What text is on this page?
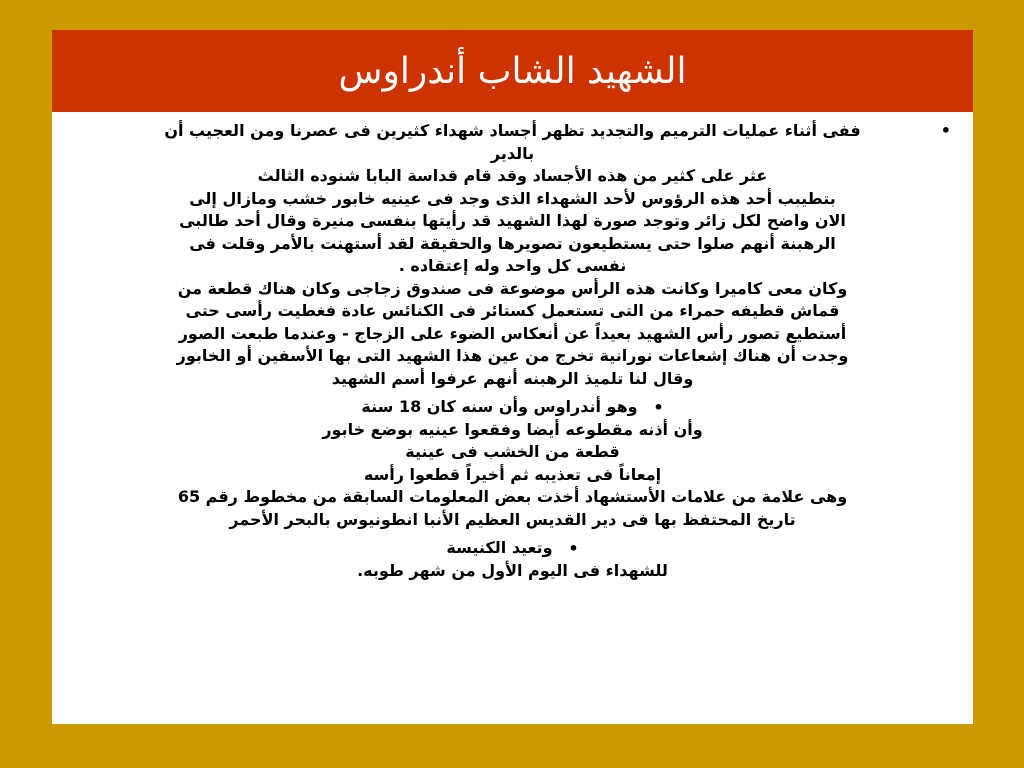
الشهيد الشاب أندراوس
•
ففى أثناء عمليات الترميم والتجديد تظهر أجساد شهداء كثيرين فى عصرنا ومن العجيب أن
بالدير
عثر على كثير من هذه الأجساد وقد قام قداسة البابا شنوده الثالث
بتطيبب أحد هذه الرؤوس لأحد الشهداء الذى وجد فى عينيه خابور خشب ومازال إلى
الان واضح لكل زائر وتوجد صورة لهذا الشهيد قد رأيتها بنفسى منيرة وقال أحد طالبى
الرهبنة أنهم صلوا حتى يستطيعون تصويرها والحقيقة لقد أستهنت بالأمر وقلت فى
نفسى كل واحد وله إعتقاده .
وكان معى كاميرا وكانت هذه الرأس موضوعة فى صندوق زجاجى وكان هناك قطعة من
قماش قطيفه حمراء من التى تستعمل كستائر فى الكنائس عادة فغطيت رأسى حتى
أستطيع تصور رأس الشهيد بعيداً عن أنعكاس الضوء على الزجاج - وعندما طبعت الصور
وجدت أن هناك إشعاعات نورانية تخرج من عين هذا الشهيد التى بها الأسفين أو الخابور
وقال لنا تلميذ الرهبنه أنهم عرفوا أسم الشهيد
•
وهو أندراوس وأن سنه كان 18 سنة
وأن أذنه مقطوعه أيضا وفقعوا عينيه بوضع خابور
قطعة من الخشب فى عينية
إمعاناً فى تعذيبه ثم أخيراً قطعوا رأسه
وهى علامة من علامات الأستشهاد أخذت بعض المعلومات السابقة من مخطوط رقم 65
تاريخ المحتفظ بها فى دير القديس العظيم الأنبا انطونيوس بالبحر الأحمر
•
وتعيد الكنيسة
للشهداء فى اليوم الأول من شهر طوبه.
